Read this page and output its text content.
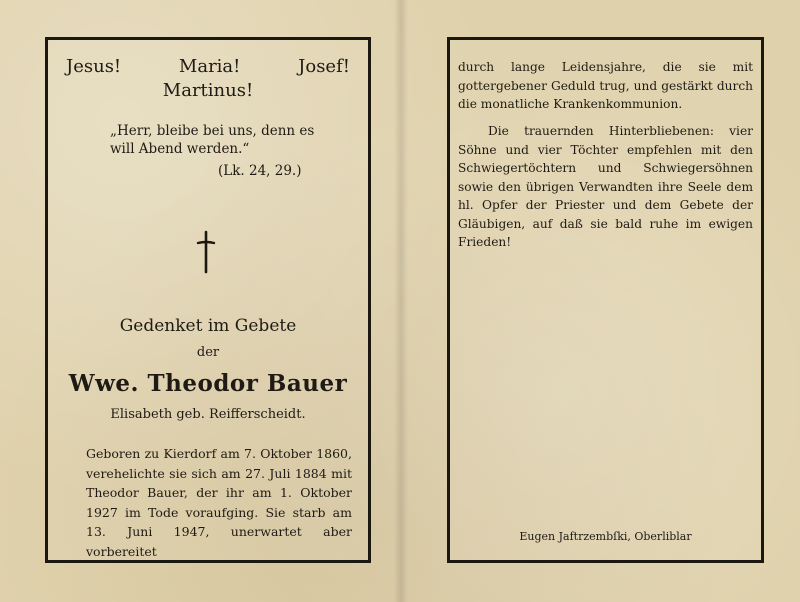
Jesus!	Maria!	Josef!
Martinus!
„Herr, bleibe bei uns, denn es
will Abend werden.“
(Lk. 24, 29.)
Gedenket im Gebete
der
Wwe. Theodor Bauer
Elisabeth geb. Reifferscheidt.

Geboren zu Kierdorf am 7. Oktober 1860, verehelichte sie sich am 27. Juli 1884 mit Theodor Bauer, der ihr am 1. Oktober 1927 im Tode voraufging. Sie starb am 13. Juni 1947, unerwartet aber vorbereitet

durch lange Leidensjahre, die sie mit gottergebener Geduld trug, und gestärkt durch die monatliche Krankenkommunion.
Die trauernden Hinterbliebenen: vier Söhne und vier Töchter empfehlen mit den Schwiegertöchtern und Schwiegersöhnen sowie den übrigen Verwandten ihre Seele dem hl. Opfer der Priester und dem Gebete der Gläubigen, auf daß sie bald ruhe im ewigen Frieden!
Eugen Jaftrzembſki, Oberliblar
